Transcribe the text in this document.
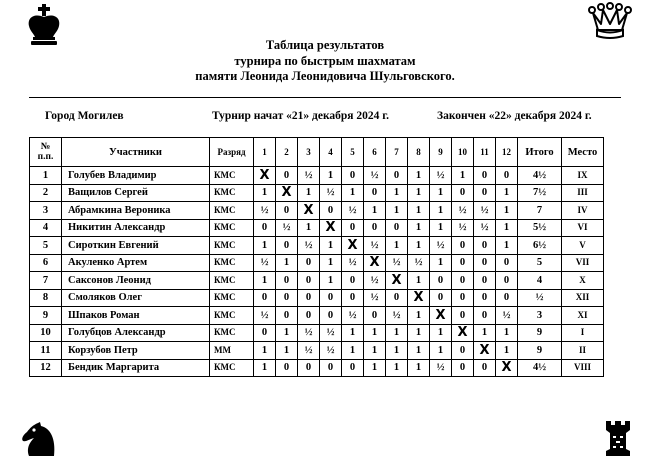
Таблица результатов
турнира по быстрым шахматам
памяти Леонида Леонидовича Шульговского.
Город Могилев	Турнир начат «21» декабря 2024 г.	Закончен «22» декабря 2024 г.
№
п.п.	Участники	Разряд	1	2	3	4	5	6	7	8	9	10	11	12	Итого	Место
1	Голубев Владимир	КМС	X	0	½	1	0	½	0	1	½	1	0	0	4½	IX
2	Ващилов Сергей	КМС	1	X	1	½	1	0	1	1	1	0	0	1	7½	III
3	Абрамкина Вероника	КМС	½	0	X	0	½	1	1	1	1	½	½	1	7	IV
4	Никитин Александр	КМС	0	½	1	X	0	0	0	1	1	½	½	1	5½	VI
5	Сироткин Евгений	КМС	1	0	½	1	X	½	1	1	½	0	0	1	6½	V
6	Акуленко Артем	КМС	½	1	0	1	½	X	½	½	1	0	0	0	5	VII
7	Саксонов Леонид	КМС	1	0	0	1	0	½	X	1	0	0	0	0	4	X
8	Смоляков Олег	КМС	0	0	0	0	0	½	0	X	0	0	0	0	½	XII
9	Шпаков Роман	КМС	½	0	0	0	½	0	½	1	X	0	0	½	3	XI
10	Голубцов Александр	КМС	0	1	½	½	1	1	1	1	1	X	1	1	9	I
11	Корзубов Петр	ММ	1	1	½	½	1	1	1	1	1	0	X	1	9	II
12	Бендик Маргарита	КМС	1	0	0	0	0	1	1	1	½	0	0	X	4½	VIII
